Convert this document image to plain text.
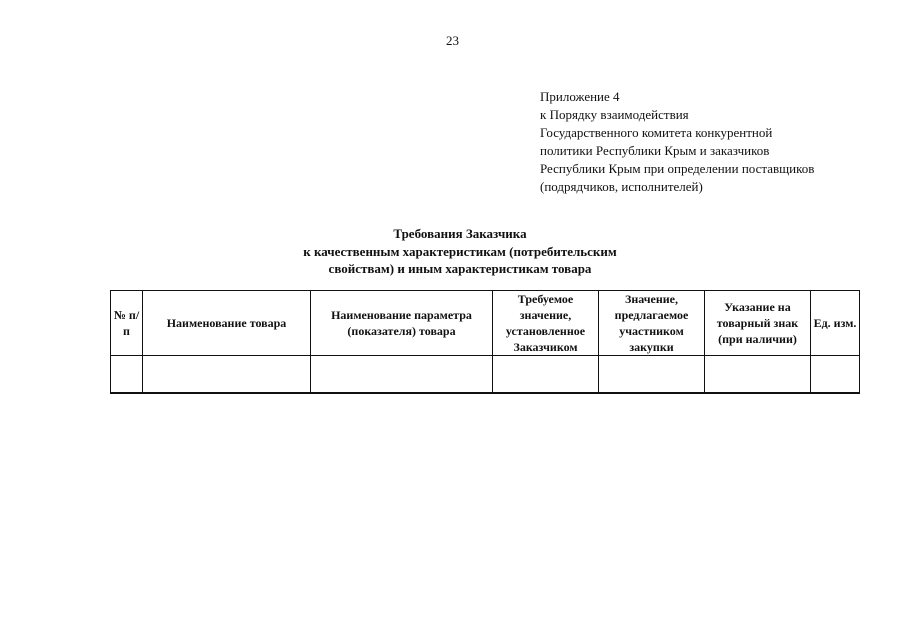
23
Приложение 4
к Порядку взаимодействия
Государственного комитета конкурентной
политики Республики Крым и заказчиков
Республики Крым при определении поставщиков
(подрядчиков, исполнителей)
Требования Заказчика
к качественным характеристикам (потребительским
свойствам) и иным характеристикам товара
№ п/п	Наименование товара	Наименование параметра (показателя) товара	Требуемое значение, установленное Заказчиком	Значение, предлагаемое участником закупки	Указание на товарный знак (при наличии)	Ед. изм.
